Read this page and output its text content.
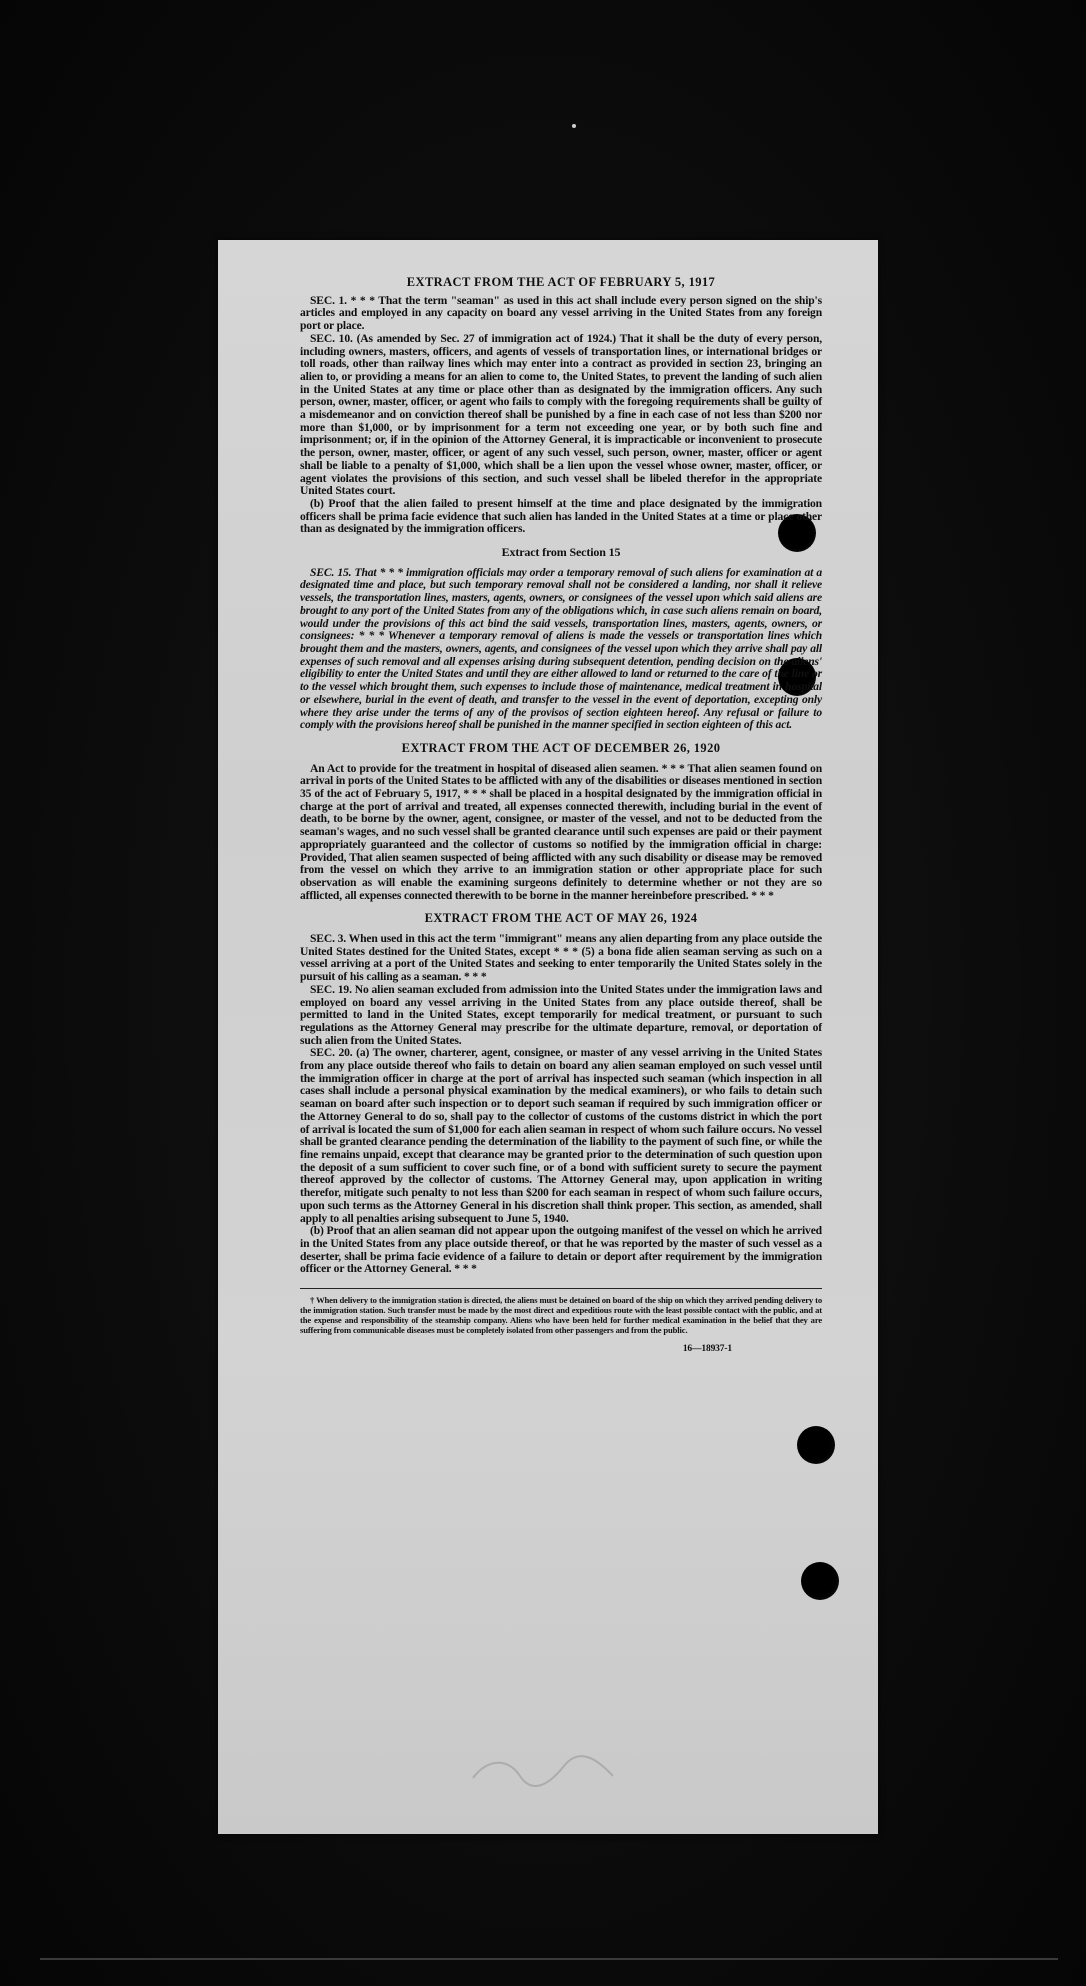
EXTRACT FROM THE ACT OF FEBRUARY 5, 1917

SEC. 1. * * * That the term "seaman" as used in this act shall include every person signed on the ship's articles and employed in any capacity on board any vessel arriving in the United States from any foreign port or place.

SEC. 10. (As amended by Sec. 27 of immigration act of 1924.) That it shall be the duty of every person, including owners, masters, officers, and agents of vessels of transportation lines, or international bridges or toll roads, other than railway lines which may enter into a contract as provided in section 23, bringing an alien to, or providing a means for an alien to come to, the United States, to prevent the landing of such alien in the United States at any time or place other than as designated by the immigration officers. Any such person, owner, master, officer, or agent who fails to comply with the foregoing requirements shall be guilty of a misdemeanor and on conviction thereof shall be punished by a fine in each case of not less than $200 nor more than $1,000, or by imprisonment for a term not exceeding one year, or by both such fine and imprisonment; or, if in the opinion of the Attorney General, it is impracticable or inconvenient to prosecute the person, owner, master, officer, or agent of any such vessel, such person, owner, master, officer or agent shall be liable to a penalty of $1,000, which shall be a lien upon the vessel whose owner, master, officer, or agent violates the provisions of this section, and such vessel shall be libeled therefor in the appropriate United States court.

(b) Proof that the alien failed to present himself at the time and place designated by the immigration officers shall be prima facie evidence that such alien has landed in the United States at a time or place other than as designated by the immigration officers.

Extract from Section 15

SEC. 15. That * * * immigration officials may order a temporary removal of such aliens for examination at a designated time and place, but such temporary removal shall not be considered a landing, nor shall it relieve vessels, the transportation lines, masters, agents, owners, or consignees of the vessel upon which said aliens are brought to any port of the United States from any of the obligations which, in case such aliens remain on board, would under the provisions of this act bind the said vessels, transportation lines, masters, agents, owners, or consignees: * * * Whenever a temporary removal of aliens is made the vessels or transportation lines which brought them and the masters, owners, agents, and consignees of the vessel upon which they arrive shall pay all expenses of such removal and all expenses arising during subsequent detention, pending decision on the aliens' eligibility to enter the United States and until they are either allowed to land or returned to the care of the line or to the vessel which brought them, such expenses to include those of maintenance, medical treatment in hospital or elsewhere, burial in the event of death, and transfer to the vessel in the event of deportation, excepting only where they arise under the terms of any of the provisos of section eighteen hereof. Any refusal or failure to comply with the provisions hereof shall be punished in the manner specified in section eighteen of this act.

EXTRACT FROM THE ACT OF DECEMBER 26, 1920

An Act to provide for the treatment in hospital of diseased alien seamen. * * * That alien seamen found on arrival in ports of the United States to be afflicted with any of the disabilities or diseases mentioned in section 35 of the act of February 5, 1917, * * * shall be placed in a hospital designated by the immigration official in charge at the port of arrival and treated, all expenses connected therewith, including burial in the event of death, to be borne by the owner, agent, consignee, or master of the vessel, and not to be deducted from the seaman's wages, and no such vessel shall be granted clearance until such expenses are paid or their payment appropriately guaranteed and the collector of customs so notified by the immigration official in charge: Provided, That alien seamen suspected of being afflicted with any such disability or disease may be removed from the vessel on which they arrive to an immigration station or other appropriate place for such observation as will enable the examining surgeons definitely to determine whether or not they are so afflicted, all expenses connected therewith to be borne in the manner hereinbefore prescribed. * * *

EXTRACT FROM THE ACT OF MAY 26, 1924

SEC. 3. When used in this act the term "immigrant" means any alien departing from any place outside the United States destined for the United States, except * * * (5) a bona fide alien seaman serving as such on a vessel arriving at a port of the United States and seeking to enter temporarily the United States solely in the pursuit of his calling as a seaman. * * *

SEC. 19. No alien seaman excluded from admission into the United States under the immigration laws and employed on board any vessel arriving in the United States from any place outside thereof, shall be permitted to land in the United States, except temporarily for medical treatment, or pursuant to such regulations as the Attorney General may prescribe for the ultimate departure, removal, or deportation of such alien from the United States.

SEC. 20. (a) The owner, charterer, agent, consignee, or master of any vessel arriving in the United States from any place outside thereof who fails to detain on board any alien seaman employed on such vessel until the immigration officer in charge at the port of arrival has inspected such seaman (which inspection in all cases shall include a personal physical examination by the medical examiners), or who fails to detain such seaman on board after such inspection or to deport such seaman if required by such immigration officer or the Attorney General to do so, shall pay to the collector of customs of the customs district in which the port of arrival is located the sum of $1,000 for each alien seaman in respect of whom such failure occurs. No vessel shall be granted clearance pending the determination of the liability to the payment of such fine, or while the fine remains unpaid, except that clearance may be granted prior to the determination of such question upon the deposit of a sum sufficient to cover such fine, or of a bond with sufficient surety to secure the payment thereof approved by the collector of customs. The Attorney General may, upon application in writing therefor, mitigate such penalty to not less than $200 for each seaman in respect of whom such failure occurs, upon such terms as the Attorney General in his discretion shall think proper. This section, as amended, shall apply to all penalties arising subsequent to June 5, 1940.

(b) Proof that an alien seaman did not appear upon the outgoing manifest of the vessel on which he arrived in the United States from any place outside thereof, or that he was reported by the master of such vessel as a deserter, shall be prima facie evidence of a failure to detain or deport after requirement by the immigration officer or the Attorney General. * * *

† When delivery to the immigration station is directed, the aliens must be detained on board of the ship on which they arrived pending delivery to the immigration station. Such transfer must be made by the most direct and expeditious route with the least possible contact with the public, and at the expense and responsibility of the steamship company. Aliens who have been held for further medical examination in the belief that they are suffering from communicable diseases must be completely isolated from other passengers and from the public.

16—18937-1
